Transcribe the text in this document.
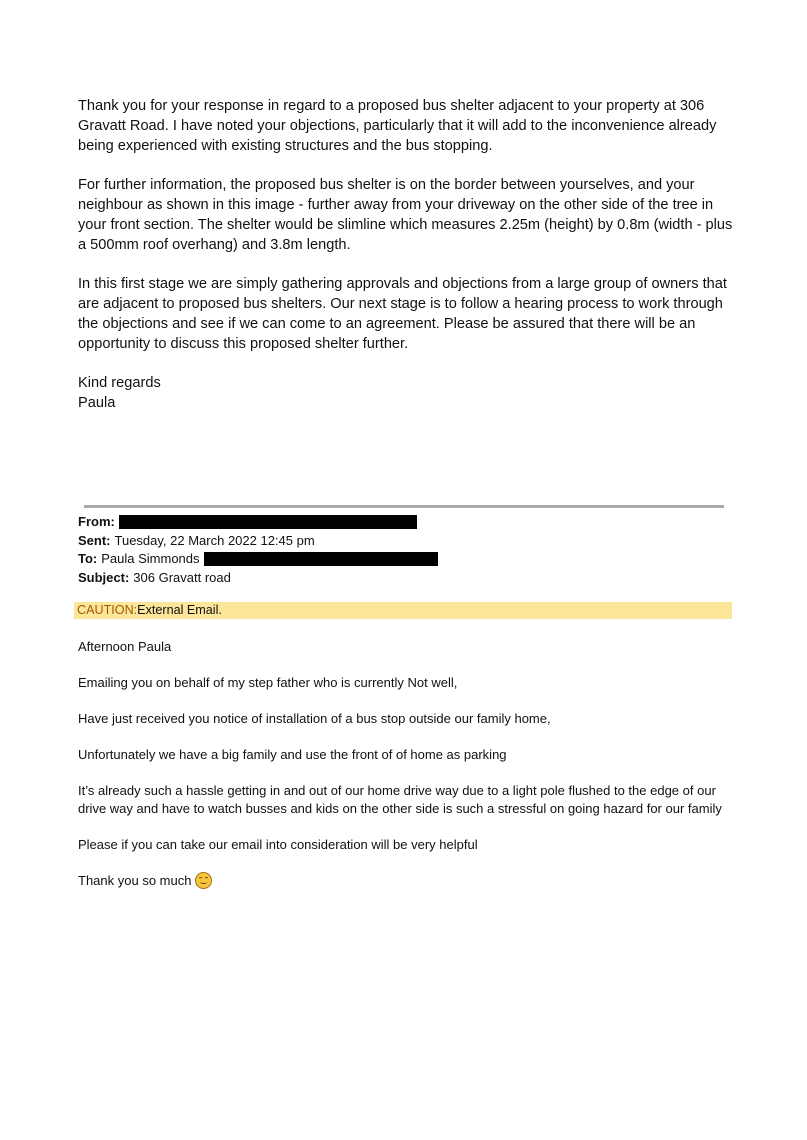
Thank you for your response in regard to a proposed bus shelter adjacent to your property at 306 Gravatt Road. I have noted your objections, particularly that it will add to the inconvenience already being experienced with existing structures and the bus stopping.

For further information, the proposed bus shelter is on the border between yourselves, and your neighbour as shown in this image - further away from your driveway on the other side of the tree in your front section. The shelter would be slimline which measures 2.25m (height) by 0.8m (width - plus a 500mm roof overhang) and 3.8m length.

In this first stage we are simply gathering approvals and objections from a large group of owners that are adjacent to proposed bus shelters. Our next stage is to follow a hearing process to work through the objections and see if we can come to an agreement. Please be assured that there will be an opportunity to discuss this proposed shelter further.

Kind regards

Paula

From:
Sent: Tuesday, 22 March 2022 12:45 pm
To: Paula Simmonds
Subject: 306 Gravatt road
CAUTION:External Email.

Afternoon Paula

Emailing you on behalf of my step father who is currently Not well,

Have just received you notice of installation of a bus stop outside our family home,

Unfortunately we have a big family and use the front of of home as parking

It’s already such a hassle getting in and out of our home drive way due to a light pole flushed to the edge of our drive way and have to watch busses and kids on the other side is such a stressful on going hazard for our family

Please if you can take our email into consideration will be very helpful

Thank you so much
